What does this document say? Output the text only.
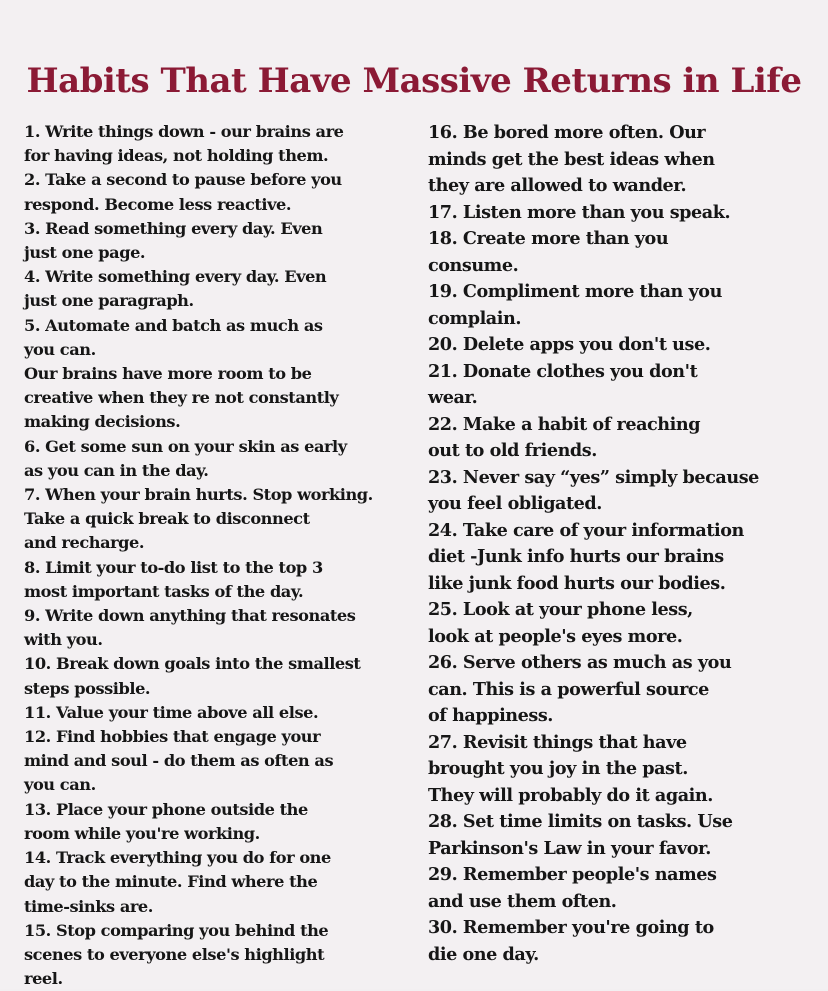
Habits That Have Massive Returns in Life
1. Write things down - our brains are
for having ideas, not holding them.
2. Take a second to pause before you
respond. Become less reactive.
3. Read something every day. Even
just one page.
4. Write something every day. Even
just one paragraph.
5. Automate and batch as much as
you can.
Our brains have more room to be
creative when they re not constantly
making decisions.
6. Get some sun on your skin as early
as you can in the day.
7. When your brain hurts. Stop working.
Take a quick break to disconnect
and recharge.
8. Limit your to-do list to the top 3
most important tasks of the day.
9. Write down anything that resonates
with you.
10. Break down goals into the smallest
steps possible.
11. Value your time above all else.
12. Find hobbies that engage your
mind and soul - do them as often as
you can.
13. Place your phone outside the
room while you're working.
14. Track everything you do for one
day to the minute. Find where the
time-sinks are.
15. Stop comparing you behind the
scenes to everyone else's highlight
reel.
16. Be bored more often. Our
minds get the best ideas when
they are allowed to wander.
17. Listen more than you speak.
18. Create more than you
consume.
19. Compliment more than you
complain.
20. Delete apps you don't use.
21. Donate clothes you don't
wear.
22. Make a habit of reaching
out to old friends.
23. Never say “yes” simply because
you feel obligated.
24. Take care of your information
diet -Junk info hurts our brains
like junk food hurts our bodies.
25. Look at your phone less,
look at people's eyes more.
26. Serve others as much as you
can. This is a powerful source
of happiness.
27. Revisit things that have
brought you joy in the past.
They will probably do it again.
28. Set time limits on tasks. Use
Parkinson's Law in your favor.
29. Remember people's names
and use them often.
30. Remember you're going to
die one day.
